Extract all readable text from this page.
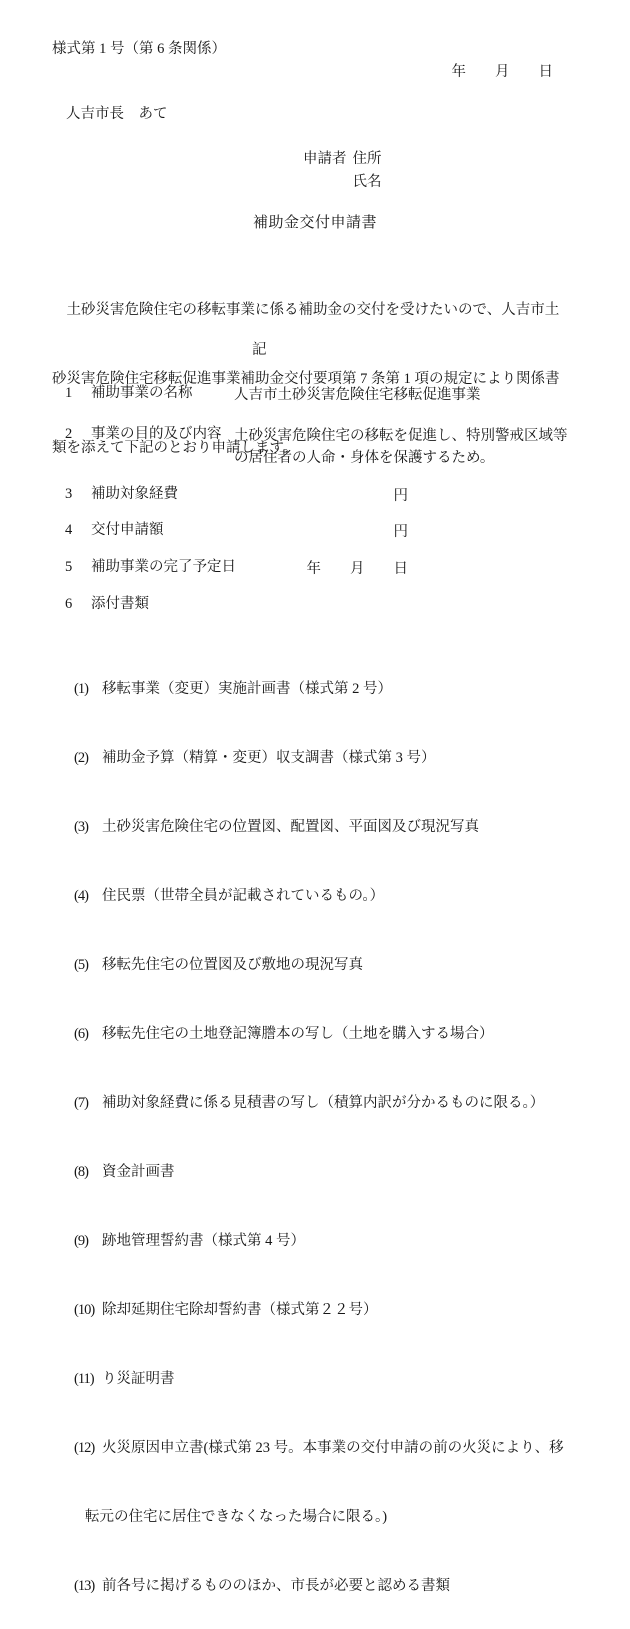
様式第 1 号（第 6 条関係）
年　　月　　日
人吉市長　あて
申請者 住所
氏名
補助金交付申請書

　土砂災害危険住宅の移転事業に係る補助金の交付を受けたいので、人吉市土

砂災害危険住宅移転促進事業補助金交付要項第 7 条第 1 項の規定により関係書

類を添えて下記のとおり申請します。

記
1	補助事業の名称	人吉市土砂災害危険住宅移転促進事業
2	事業の目的及び内容 土砂災害危険住宅の移転を促進し、特別警戒区域等
の居住者の人命・身体を保護するため。
3	補助対象経費	　　　　　　　　　　　円
4	交付申請額	　　　　　　　　　　　円
5	補助事業の完了予定日
　　　　　年　　月　　日
6	添付書類

(1) 移転事業（変更）実施計画書（様式第 2 号）

(2) 補助金予算（精算・変更）収支調書（様式第 3 号）

(3) 土砂災害危険住宅の位置図、配置図、平面図及び現況写真

(4) 住民票（世帯全員が記載されているもの。）

(5) 移転先住宅の位置図及び敷地の現況写真

(6) 移転先住宅の土地登記簿謄本の写し（土地を購入する場合）

(7) 補助対象経費に係る見積書の写し（積算内訳が分かるものに限る。）

(8) 資金計画書

(9) 跡地管理誓約書（様式第 4 号）

(10) 除却延期住宅除却誓約書（様式第２２号）

(11) り災証明書

(12) 火災原因申立書(様式第 23 号。本事業の交付申請の前の火災により、移

転元の住宅に居住できなくなった場合に限る。)

(13) 前各号に掲げるもののほか、市長が必要と認める書類
